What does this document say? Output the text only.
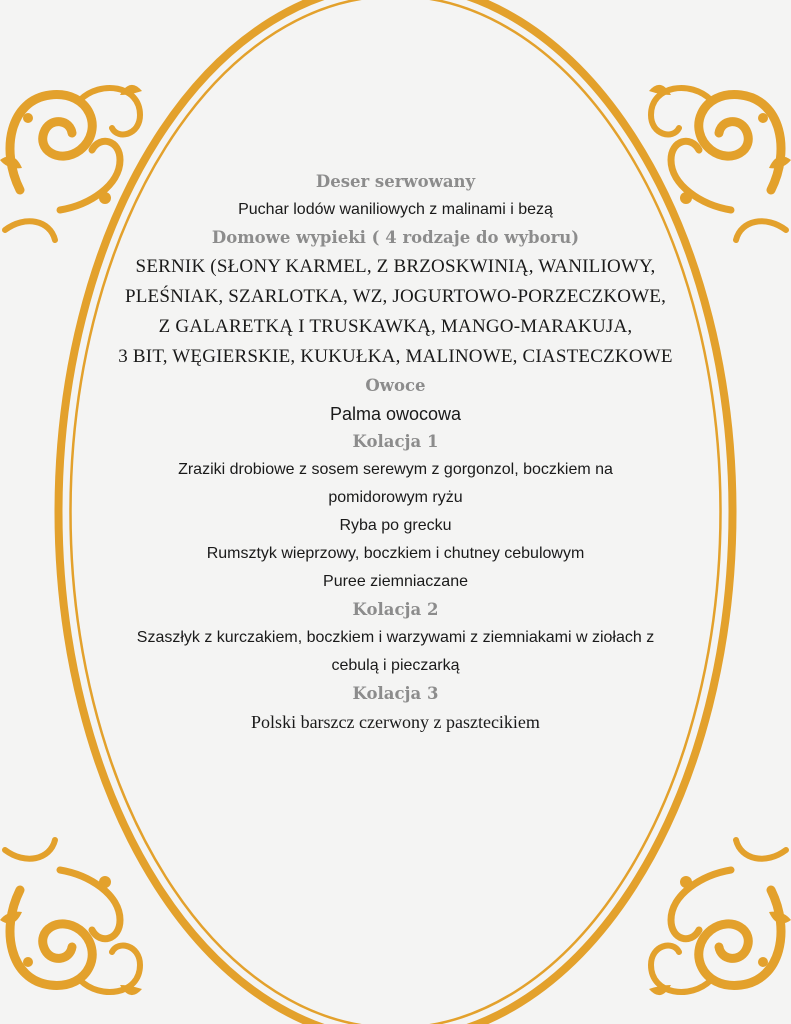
Deser serwowany
Puchar lodów waniliowych z malinami i bezą
Domowe wypieki ( 4 rodzaje do wyboru)
SERNIK (SŁONY KARMEL, Z BRZOSKWINIĄ, WANILIOWY,
PLEŚNIAK, SZARLOTKA, WZ, JOGURTOWO-PORZECZKOWE,
Z GALARETKĄ I TRUSKAWKĄ, MANGO-MARAKUJA,
3 BIT, WĘGIERSKIE, KUKUŁKA, MALINOWE, CIASTECZKOWE
Owoce
Palma owocowa
Kolacja 1
Zraziki drobiowe z sosem serewym z gorgonzol, boczkiem na
pomidorowym ryżu
Ryba po grecku
Rumsztyk wieprzowy, boczkiem i chutney cebulowym
Puree ziemniaczane
Kolacja 2
Szaszłyk z kurczakiem, boczkiem i warzywami z ziemniakami w ziołach z
cebulą i pieczarką
Kolacja 3
Polski barszcz czerwony z pasztecikiem
